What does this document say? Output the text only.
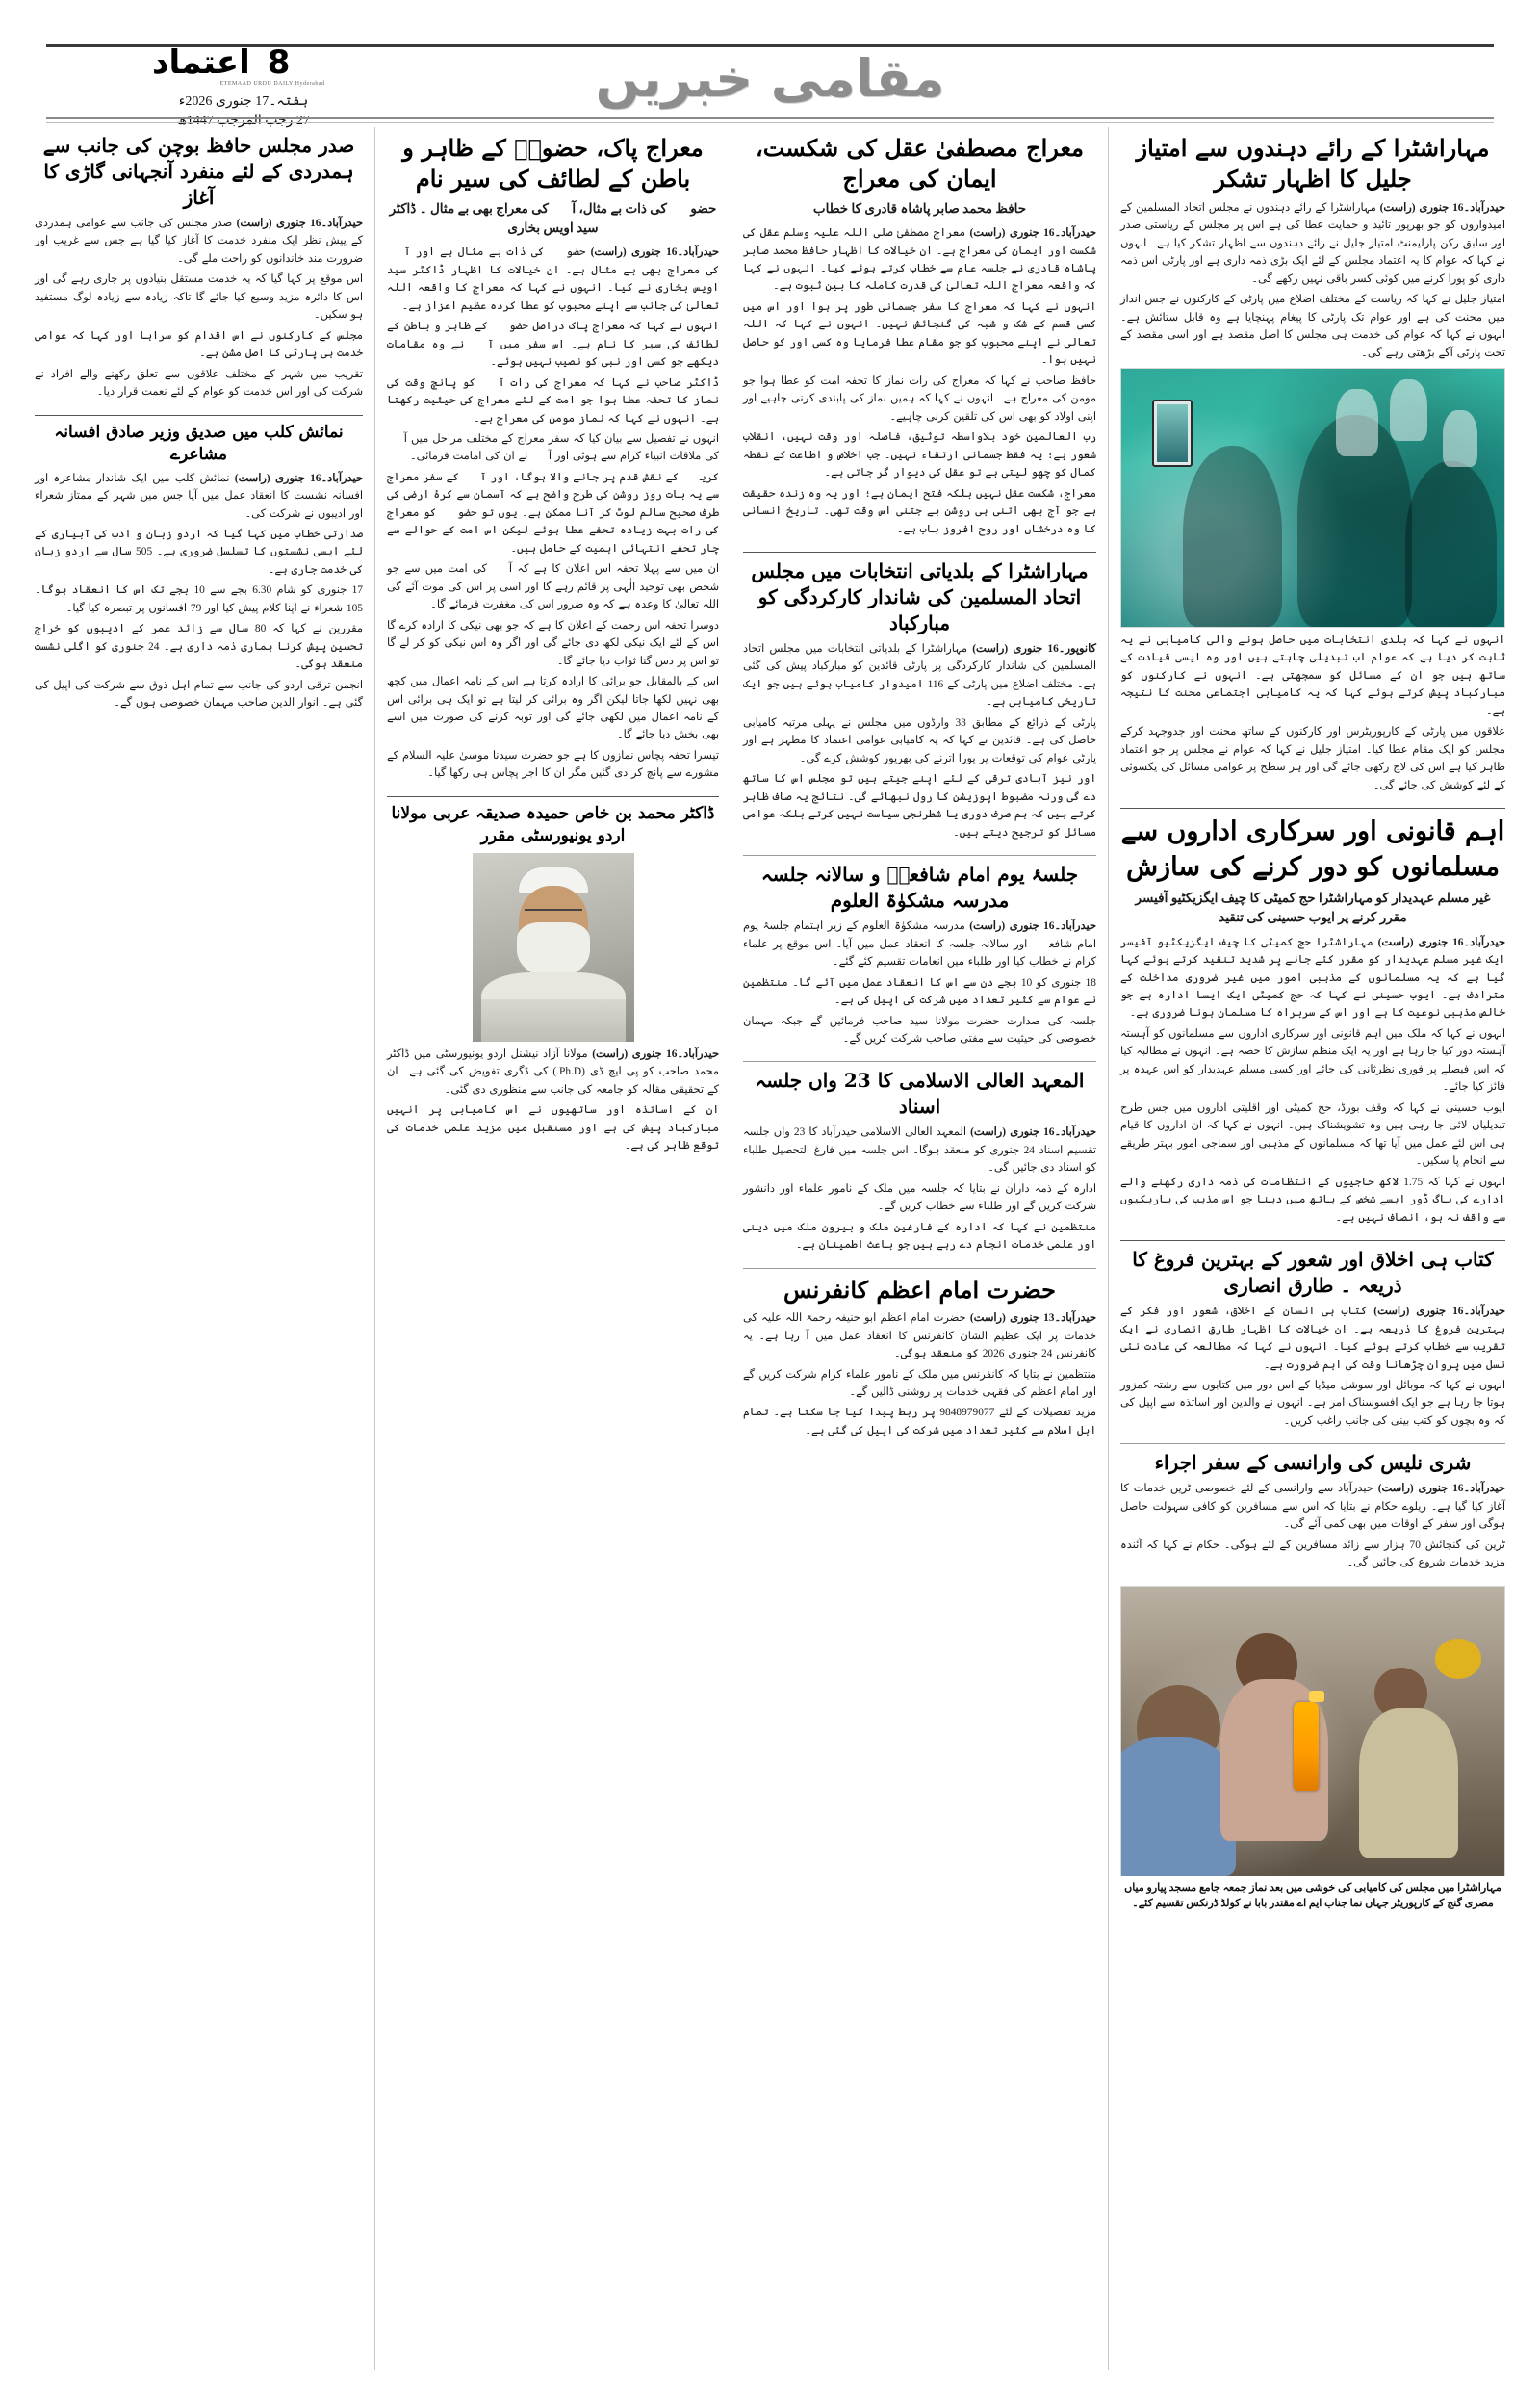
اعتماد 8
ETEMAAD URDU DAILY Hyderabad
ہفتہ۔17 جنوری 2026ء
27 رجب المرجب 1447ھ
مقامی خبریں
مہاراشٹرا کے رائے دہندوں سے امتیاز جلیل کا اظہار تشکر

حیدرآباد۔16 جنوری (راست) مہاراشٹرا کے رائے دہندوں نے مجلس اتحاد المسلمین کے امیدواروں کو جو بھرپور تائید و حمایت عطا کی ہے اس پر مجلس کے ریاستی صدر اور سابق رکن پارلیمنٹ امتیاز جلیل نے رائے دہندوں سے اظہار تشکر کیا ہے۔ انہوں نے کہا کہ عوام کا یہ اعتماد مجلس کے لئے ایک بڑی ذمہ داری ہے اور پارٹی اس ذمہ داری کو پورا کرنے میں کوئی کسر باقی نہیں رکھے گی۔

امتیاز جلیل نے کہا کہ ریاست کے مختلف اضلاع میں پارٹی کے کارکنوں نے جس انداز میں محنت کی ہے اور عوام تک پارٹی کا پیغام پہنچایا ہے وہ قابل ستائش ہے۔ انہوں نے کہا کہ عوام کی خدمت ہی مجلس کا اصل مقصد ہے اور اسی مقصد کے تحت پارٹی آگے بڑھتی رہے گی۔

انہوں نے کہا کہ بلدی انتخابات میں حاصل ہونے والی کامیابی نے یہ ثابت کر دیا ہے کہ عوام اب تبدیلی چاہتے ہیں اور وہ ایسی قیادت کے ساتھ ہیں جو ان کے مسائل کو سمجھتی ہے۔ انہوں نے کارکنوں کو مبارکباد پیش کرتے ہوئے کہا کہ یہ کامیابی اجتماعی محنت کا نتیجہ ہے۔

علاقوں میں پارٹی کے کارپوریٹرس اور کارکنوں کے ساتھ محنت اور جدوجہد کرکے مجلس کو ایک مقام عطا کیا۔ امتیاز جلیل نے کہا کہ عوام نے مجلس پر جو اعتماد ظاہر کیا ہے اس کی لاج رکھی جائے گی اور ہر سطح پر عوامی مسائل کی یکسوئی کے لئے کوشش کی جائے گی۔

اہم قانونی اور سرکاری اداروں سے مسلمانوں کو دور کرنے کی سازش
غیر مسلم عہدیدار کو مہاراشٹرا حج کمیٹی کا چیف ایگزیکٹیو آفیسر مقرر کرنے پر ایوب حسینی کی تنقید

حیدرآباد۔16 جنوری (راست) مہاراشٹرا حج کمیٹی کا چیف ایگزیکٹیو آفیسر ایک غیر مسلم عہدیدار کو مقرر کئے جانے پر شدید تنقید کرتے ہوئے کہا گیا ہے کہ یہ مسلمانوں کے مذہبی امور میں غیر ضروری مداخلت کے مترادف ہے۔ ایوب حسینی نے کہا کہ حج کمیٹی ایک ایسا ادارہ ہے جو خالص مذہبی نوعیت کا ہے اور اس کے سربراہ کا مسلمان ہونا ضروری ہے۔

انہوں نے کہا کہ ملک میں اہم قانونی اور سرکاری اداروں سے مسلمانوں کو آہستہ آہستہ دور کیا جا رہا ہے اور یہ ایک منظم سازش کا حصہ ہے۔ انہوں نے مطالبہ کیا کہ اس فیصلے پر فوری نظرثانی کی جائے اور کسی مسلم عہدیدار کو اس عہدہ پر فائز کیا جائے۔

ایوب حسینی نے کہا کہ وقف بورڈ، حج کمیٹی اور اقلیتی اداروں میں جس طرح تبدیلیاں لائی جا رہی ہیں وہ تشویشناک ہیں۔ انہوں نے کہا کہ ان اداروں کا قیام ہی اس لئے عمل میں آیا تھا کہ مسلمانوں کے مذہبی اور سماجی امور بہتر طریقے سے انجام پا سکیں۔

انہوں نے کہا کہ 1.75 لاکھ حاجیوں کے انتظامات کی ذمہ داری رکھنے والے ادارے کی باگ ڈور ایسے شخص کے ہاتھ میں دینا جو اس مذہب کی باریکیوں سے واقف نہ ہو، انصاف نہیں ہے۔

کتاب ہی اخلاق اور شعور کے بہترین فروغ کا ذریعہ ۔ طارق انصاری

حیدرآباد۔16 جنوری (راست) کتاب ہی انسان کے اخلاق، شعور اور فکر کے بہترین فروغ کا ذریعہ ہے۔ ان خیالات کا اظہار طارق انصاری نے ایک تقریب سے خطاب کرتے ہوئے کیا۔ انہوں نے کہا کہ مطالعہ کی عادت نئی نسل میں پروان چڑھانا وقت کی اہم ضرورت ہے۔

انہوں نے کہا کہ موبائل اور سوشل میڈیا کے اس دور میں کتابوں سے رشتہ کمزور ہوتا جا رہا ہے جو ایک افسوسناک امر ہے۔ انہوں نے والدین اور اساتذہ سے اپیل کی کہ وہ بچوں کو کتب بینی کی جانب راغب کریں۔

شری نلیس کی وارانسی کے سفر اجراء

حیدرآباد۔16 جنوری (راست) حیدرآباد سے وارانسی کے لئے خصوصی ٹرین خدمات کا آغاز کیا گیا ہے۔ ریلوے حکام نے بتایا کہ اس سے مسافرین کو کافی سہولت حاصل ہوگی اور سفر کے اوقات میں بھی کمی آئے گی۔

ٹرین کی گنجائش 70 ہزار سے زائد مسافرین کے لئے ہوگی۔ حکام نے کہا کہ آئندہ مزید خدمات شروع کی جائیں گی۔

مہاراشٹرا میں مجلس کی کامیابی کی خوشی میں بعد نماز جمعہ جامع مسجد پیارو میاں مصری گنج کے کارپوریٹر جہاں نما جناب ایم اے مقتدر بابا نے کولڈ ڈرنکس تقسیم کئے۔
معراج مصطفیٰ عقل کی شکست، ایمان کی معراج
حافظ محمد صابر پاشاہ قادری کا خطاب

حیدرآباد۔16 جنوری (راست) معراج مصطفیٰ صلی اللہ علیہ وسلم عقل کی شکست اور ایمان کی معراج ہے۔ ان خیالات کا اظہار حافظ محمد صابر پاشاہ قادری نے جلسہ عام سے خطاب کرتے ہوئے کیا۔ انہوں نے کہا کہ واقعہ معراج اللہ تعالیٰ کی قدرت کاملہ کا بین ثبوت ہے۔

انہوں نے کہا کہ معراج کا سفر جسمانی طور پر ہوا اور اس میں کسی قسم کے شک و شبہ کی گنجائش نہیں۔ انہوں نے کہا کہ اللہ تعالیٰ نے اپنے محبوب کو جو مقام عطا فرمایا وہ کسی اور کو حاصل نہیں ہوا۔

حافظ صاحب نے کہا کہ معراج کی رات نماز کا تحفہ امت کو عطا ہوا جو مومن کی معراج ہے۔ انہوں نے کہا کہ ہمیں نماز کی پابندی کرنی چاہیے اور اپنی اولاد کو بھی اس کی تلقین کرنی چاہیے۔

رب العالمین خود بلاواسطہ توثیق، فاصلہ اور وقت نہیں، انقلاب شعور ہے؛ یہ فقط جسمانی ارتقاء نہیں۔ جب اخلاص و اطاعت کے نقطہ کمال کو چھو لیتی ہے تو عقل کی دیوار گر جاتی ہے۔

معراج، شکست عقل نہیں بلکہ فتح ایمان ہے؛ اور یہ وہ زندہ حقیقت ہے جو آج بھی اتنی ہی روشن ہے جتنی اس وقت تھی۔ تاریخ انسانی کا وہ درخشاں اور روح افروز باب ہے۔

مہاراشٹرا کے بلدیاتی انتخابات میں مجلس اتحاد المسلمین کی شاندار کارکردگی کو مبارکباد

کانوپور۔16 جنوری (راست) مہاراشٹرا کے بلدیاتی انتخابات میں مجلس اتحاد المسلمین کی شاندار کارکردگی پر پارٹی قائدین کو مبارکباد پیش کی گئی ہے۔ مختلف اضلاع میں پارٹی کے 116 امیدوار کامیاب ہوئے ہیں جو ایک تاریخی کامیابی ہے۔

پارٹی کے ذرائع کے مطابق 33 وارڈوں میں مجلس نے پہلی مرتبہ کامیابی حاصل کی ہے۔ قائدین نے کہا کہ یہ کامیابی عوامی اعتماد کا مظہر ہے اور پارٹی عوام کی توقعات پر پورا اترنے کی بھرپور کوشش کرے گی۔

اور نیز آبادی ترقی کے لئے اپنے جیتے ہیں تو مجلس اس کا ساتھ دے گی ورنہ مضبوط اپوزیشن کا رول نبھائے گی۔ نتائج یہ صاف ظاہر کرتے ہیں کہ ہم صرف دوری یا شطرنجی سیاست نہیں کرتے بلکہ عوامی مسائل کو ترجیح دیتے ہیں۔

جلسۂ یوم امام شافعیؒ و سالانہ جلسہ مدرسہ مشکوٰۃ العلوم

حیدرآباد۔16 جنوری (راست) مدرسہ مشکوٰۃ العلوم کے زیر اہتمام جلسۂ یوم امام شافعیؒ اور سالانہ جلسہ کا انعقاد عمل میں آیا۔ اس موقع پر علماء کرام نے خطاب کیا اور طلباء میں انعامات تقسیم کئے گئے۔

18 جنوری کو 10 بجے دن سے اس کا انعقاد عمل میں آئے گا۔ منتظمین نے عوام سے کثیر تعداد میں شرکت کی اپیل کی ہے۔

جلسہ کی صدارت حضرت مولانا سید صاحب فرمائیں گے جبکہ مہمان خصوصی کی حیثیت سے مفتی صاحب شرکت کریں گے۔

المعہد العالی الاسلامی کا 23 واں جلسہ اسناد

حیدرآباد۔16 جنوری (راست) المعہد العالی الاسلامی حیدرآباد کا 23 واں جلسہ تقسیم اسناد 24 جنوری کو منعقد ہوگا۔ اس جلسہ میں فارغ التحصیل طلباء کو اسناد دی جائیں گی۔

ادارہ کے ذمہ داران نے بتایا کہ جلسہ میں ملک کے نامور علماء اور دانشور شرکت کریں گے اور طلباء سے خطاب کریں گے۔

منتظمین نے کہا کہ ادارہ کے فارغین ملک و بیرون ملک میں دینی اور علمی خدمات انجام دے رہے ہیں جو باعث اطمینان ہے۔

حضرت امام اعظم کانفرنس

حیدرآباد۔13 جنوری (راست) حضرت امام اعظم ابو حنیفہ رحمۃ اللہ علیہ کی خدمات پر ایک عظیم الشان کانفرنس کا انعقاد عمل میں آ رہا ہے۔ یہ کانفرنس 24 جنوری 2026 کو منعقد ہوگی۔

منتظمین نے بتایا کہ کانفرنس میں ملک کے نامور علماء کرام شرکت کریں گے اور امام اعظم کی فقہی خدمات پر روشنی ڈالیں گے۔

مزید تفصیلات کے لئے 9848979077 پر ربط پیدا کیا جا سکتا ہے۔ تمام اہل اسلام سے کثیر تعداد میں شرکت کی اپیل کی گئی ہے۔

معراج پاک، حضورؐ کے ظاہر و باطن کے لطائف کی سیر نام
حضورؐ کی ذات بے مثال، آپؐ کی معراج بھی بے مثال ۔ ڈاکٹر سید اویس بخاری

حیدرآباد۔16 جنوری (راست) حضورؐ کی ذات بے مثال ہے اور آپؐ کی معراج بھی بے مثال ہے۔ ان خیالات کا اظہار ڈاکٹر سید اویس بخاری نے کیا۔ انہوں نے کہا کہ معراج کا واقعہ اللہ تعالیٰ کی جانب سے اپنے محبوب کو عطا کردہ عظیم اعزاز ہے۔

انہوں نے کہا کہ معراج پاک دراصل حضورؐ کے ظاہر و باطن کے لطائف کی سیر کا نام ہے۔ اس سفر میں آپؐ نے وہ مقامات دیکھے جو کسی اور نبی کو نصیب نہیں ہوئے۔

ڈاکٹر صاحب نے کہا کہ معراج کی رات آپؐ کو پانچ وقت کی نماز کا تحفہ عطا ہوا جو امت کے لئے معراج کی حیثیت رکھتا ہے۔ انہوں نے کہا کہ نماز مومن کی معراج ہے۔

انہوں نے تفصیل سے بیان کیا کہ سفر معراج کے مختلف مراحل میں آپؐ کی ملاقات انبیاء کرام سے ہوئی اور آپؐ نے ان کی امامت فرمائی۔

کریمؐ کے نقش قدم پر جانے والا ہوگا، اور آپؐ کے سفر معراج سے یہ بات روز روشن کی طرح واضح ہے کہ آسمان سے کرۂ ارضی کی طرف صحیح سالم لوٹ کر آنا ممکن ہے۔ یوں تو حضورؐ کو معراج کی رات بہت زیادہ تحفے عطا ہوئے لیکن اس امت کے حوالے سے چار تحفے انتہائی اہمیت کے حامل ہیں۔

ان میں سے پہلا تحفہ اس اعلان کا ہے کہ آپؐ کی امت میں سے جو شخص بھی توحید الٰہی پر قائم رہے گا اور اسی پر اس کی موت آئے گی اللہ تعالیٰ کا وعدہ ہے کہ وہ ضرور اس کی مغفرت فرمائے گا۔

دوسرا تحفہ اس رحمت کے اعلان کا ہے کہ جو بھی نیکی کا ارادہ کرے گا اس کے لئے ایک نیکی لکھ دی جائے گی اور اگر وہ اس نیکی کو کر لے گا تو اس پر دس گنا ثواب دیا جائے گا۔

اس کے بالمقابل جو برائی کا ارادہ کرتا ہے اس کے نامہ اعمال میں کچھ بھی نہیں لکھا جاتا لیکن اگر وہ برائی کر لیتا ہے تو ایک ہی برائی اس کے نامہ اعمال میں لکھی جائے گی اور توبہ کرنے کی صورت میں اسے بھی بخش دیا جائے گا۔

تیسرا تحفہ پچاس نمازوں کا ہے جو حضرت سیدنا موسیٰ علیہ السلام کے مشورے سے پانچ کر دی گئیں مگر ان کا اجر پچاس ہی رکھا گیا۔

ڈاکٹر محمد بن خاص حمیدہ صدیقہ عربی مولانا اردو یونیورسٹی مقرر

حیدرآباد۔16 جنوری (راست) مولانا آزاد نیشنل اردو یونیورسٹی میں ڈاکٹر محمد صاحب کو پی ایچ ڈی (Ph.D.) کی ڈگری تفویض کی گئی ہے۔ ان کے تحقیقی مقالہ کو جامعہ کی جانب سے منظوری دی گئی۔

ان کے اساتذہ اور ساتھیوں نے اس کامیابی پر انہیں مبارکباد پیش کی ہے اور مستقبل میں مزید علمی خدمات کی توقع ظاہر کی ہے۔

صدر مجلس حافظ بوچن کی جانب سے ہمدردی کے لئے منفرد آنجہانی گاڑی کا آغاز

حیدرآباد۔16 جنوری (راست) صدر مجلس کی جانب سے عوامی ہمدردی کے پیش نظر ایک منفرد خدمت کا آغاز کیا گیا ہے جس سے غریب اور ضرورت مند خاندانوں کو راحت ملے گی۔

اس موقع پر کہا گیا کہ یہ خدمت مستقل بنیادوں پر جاری رہے گی اور اس کا دائرہ مزید وسیع کیا جائے گا تاکہ زیادہ سے زیادہ لوگ مستفید ہو سکیں۔

مجلس کے کارکنوں نے اس اقدام کو سراہا اور کہا کہ عوامی خدمت ہی پارٹی کا اصل مشن ہے۔

تقریب میں شہر کے مختلف علاقوں سے تعلق رکھنے والے افراد نے شرکت کی اور اس خدمت کو عوام کے لئے نعمت قرار دیا۔

نمائش کلب میں صدیق وزیر صادق افسانہ مشاعرے

حیدرآباد۔16 جنوری (راست) نمائش کلب میں ایک شاندار مشاعرہ اور افسانہ نشست کا انعقاد عمل میں آیا جس میں شہر کے ممتاز شعراء اور ادیبوں نے شرکت کی۔

صدارتی خطاب میں کہا گیا کہ اردو زبان و ادب کی آبیاری کے لئے ایسی نشستوں کا تسلسل ضروری ہے۔ 505 سال سے اردو زبان کی خدمت جاری ہے۔

17 جنوری کو شام 6.30 بجے سے 10 بجے تک اس کا انعقاد ہوگا۔ 105 شعراء نے اپنا کلام پیش کیا اور 79 افسانوں پر تبصرہ کیا گیا۔

مقررین نے کہا کہ 80 سال سے زائد عمر کے ادیبوں کو خراج تحسین پیش کرنا ہماری ذمہ داری ہے۔ 24 جنوری کو اگلی نشست منعقد ہوگی۔

انجمن ترقی اردو کی جانب سے تمام اہل ذوق سے شرکت کی اپیل کی گئی ہے۔ انوار الدین صاحب مہمان خصوصی ہوں گے۔
